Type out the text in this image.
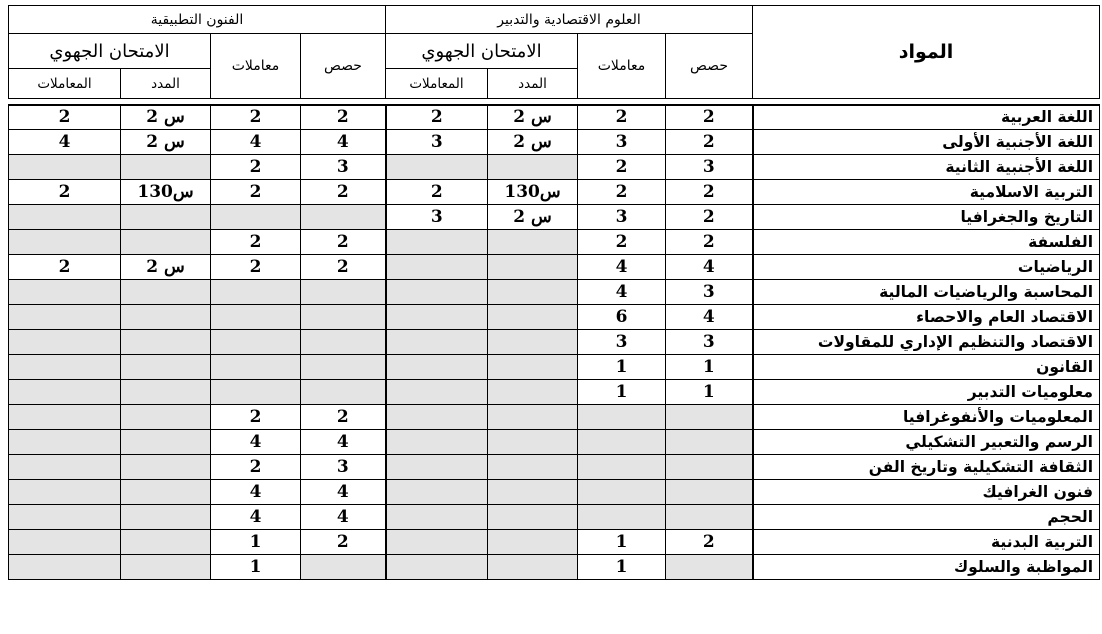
الفنون التطبيقية				العلوم الاقتصادية والتدبير				المواد
الامتحان الجهوي		معاملات	حصص	الامتحان الجهوي		معاملات	حصص	
المعاملات	المدد			المعاملات	المدد			

2	2 س	2	2	2	2 س	2	2	اللغة العربية
4	2 س	4	4	3	2 س	3	2	اللغة الأجنبية الأولى
		2	3			2	3	اللغة الأجنبية الثانية
2	1س30	2	2	2	1س30	2	2	التربية الاسلامية
				3	2 س	3	2	التاريخ والجغرافيا
		2	2			2	2	الفلسفة
2	2 س	2	2			4	4	الرياضيات
						4	3	المحاسبة والرياضيات المالية
						6	4	الاقتصاد العام والاحصاء
						3	3	الاقتصاد والتنظيم الإداري للمقاولات
						1	1	القانون
						1	1	معلوميات التدبير
		2	2					المعلوميات والأنفوغرافيا
		4	4					الرسم والتعبير التشكيلي
		2	3					الثقافة التشكيلية وتاريخ الفن
		4	4					فنون الغرافيك
		4	4					الحجم
		1	2			1	2	التربية البدنية
		1				1		المواظبة والسلوك
